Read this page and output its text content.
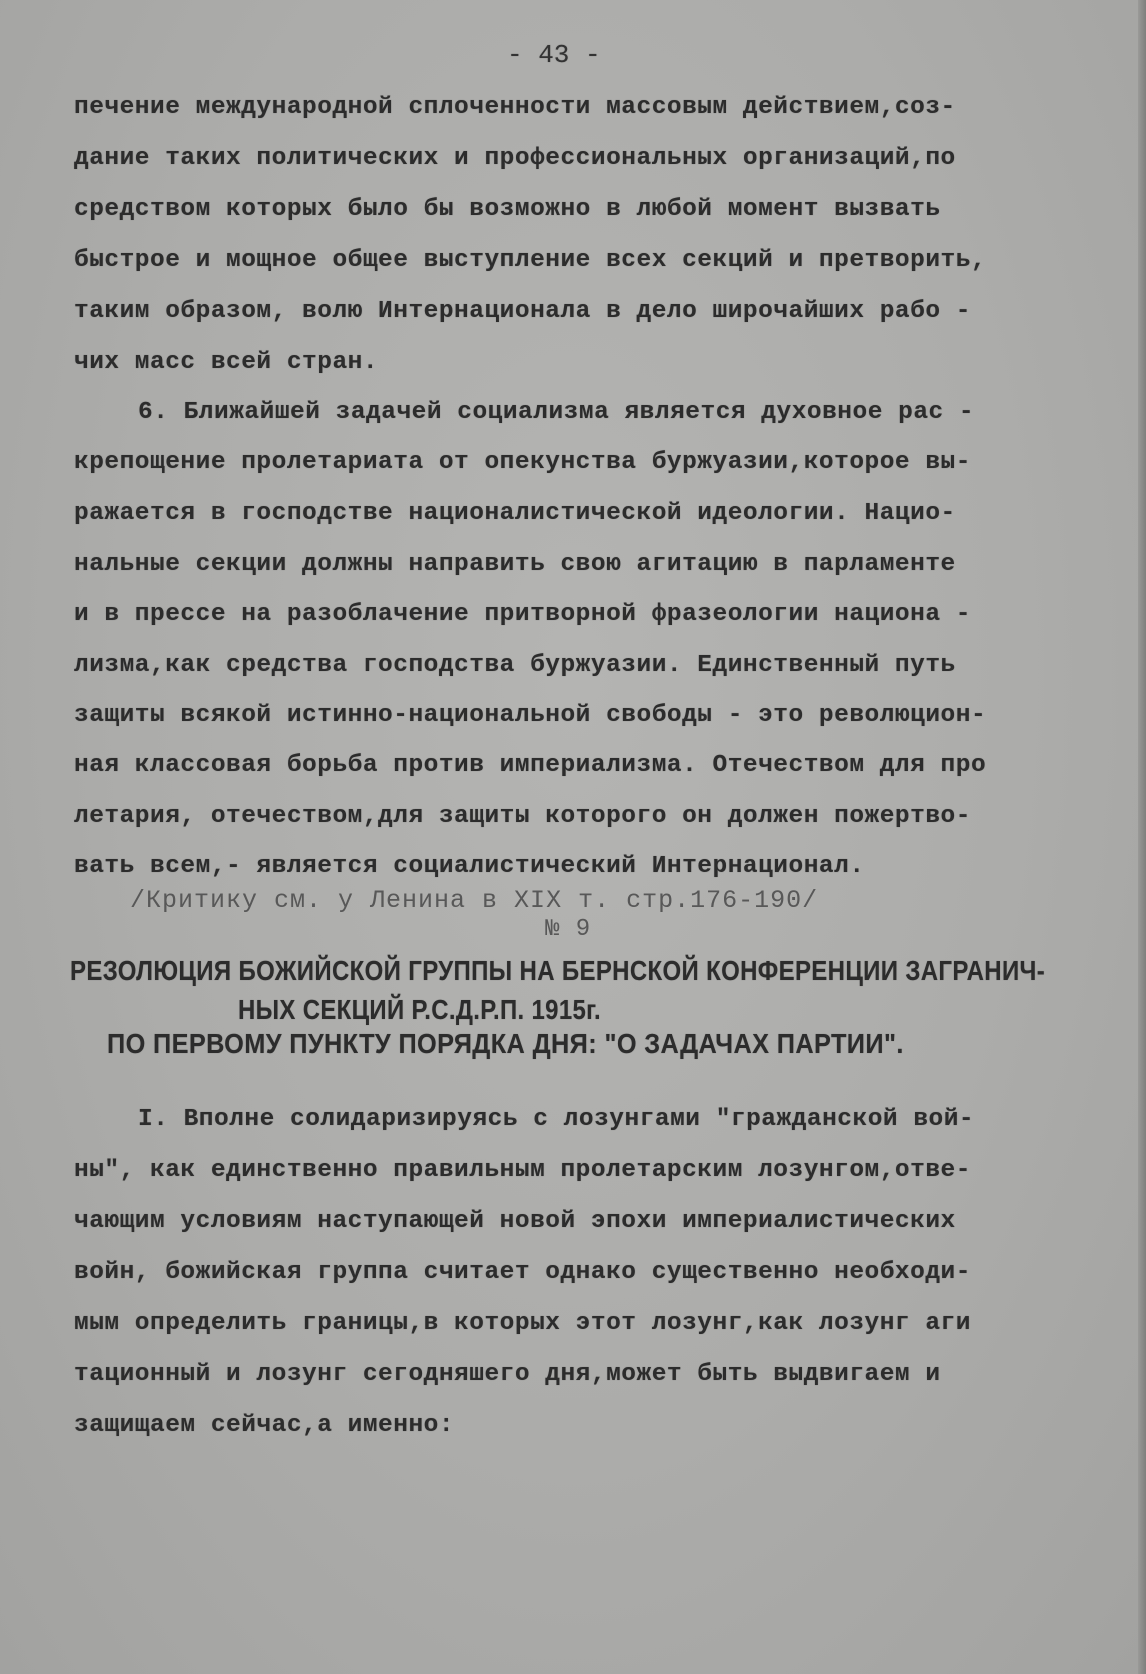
- 43 -
печение международной сплоченности массовым действием,соз-
дание таких политических и профессиональных организаций,по
средством которых было бы возможно в любой момент вызвать
быстрое и мощное общее выступление всех секций и претворить,
таким образом, волю Интернационала в дело широчайших рабо -
чих масс всей стран.
6. Ближайшей задачей социализма является духовное рас -
крепощение пролетариата от опекунства буржуазии,которое вы-
ражается в господстве националистической идеологии. Нацио-
нальные секции должны направить свою агитацию в парламенте
и в прессе на разоблачение притворной фразеологии национа -
лизма,как средства господства буржуазии. Единственный путь
защиты всякой истинно-национальной свободы - это революцион-
ная классовая борьба против империализма. Отечеством для про
летария, отечеством,для защиты которого он должен пожертво-
вать всем,- является социалистический Интернационал.
/Критику см. у Ленина в XIX т. стр.176-190/
№ 9
РЕЗОЛЮЦИЯ БОЖИЙСКОЙ ГРУППЫ НА БЕРНСКОЙ КОНФЕРЕНЦИИ ЗАГРАНИЧ-
НЫХ СЕКЦИЙ Р.С.Д.Р.П. 1915г.
ПО ПЕРВОМУ ПУНКТУ ПОРЯДКА ДНЯ: "О ЗАДАЧАХ ПАРТИИ".
I. Вполне солидаризируясь с лозунгами "гражданской вой-
ны", как единственно правильным пролетарским лозунгом,отве-
чающим условиям наступающей новой эпохи империалистических
войн, божийская группа считает однако существенно необходи-
мым определить границы,в которых этот лозунг,как лозунг аги
тационный и лозунг сегодняшего дня,может быть выдвигаем и
защищаем сейчас,а именно:
